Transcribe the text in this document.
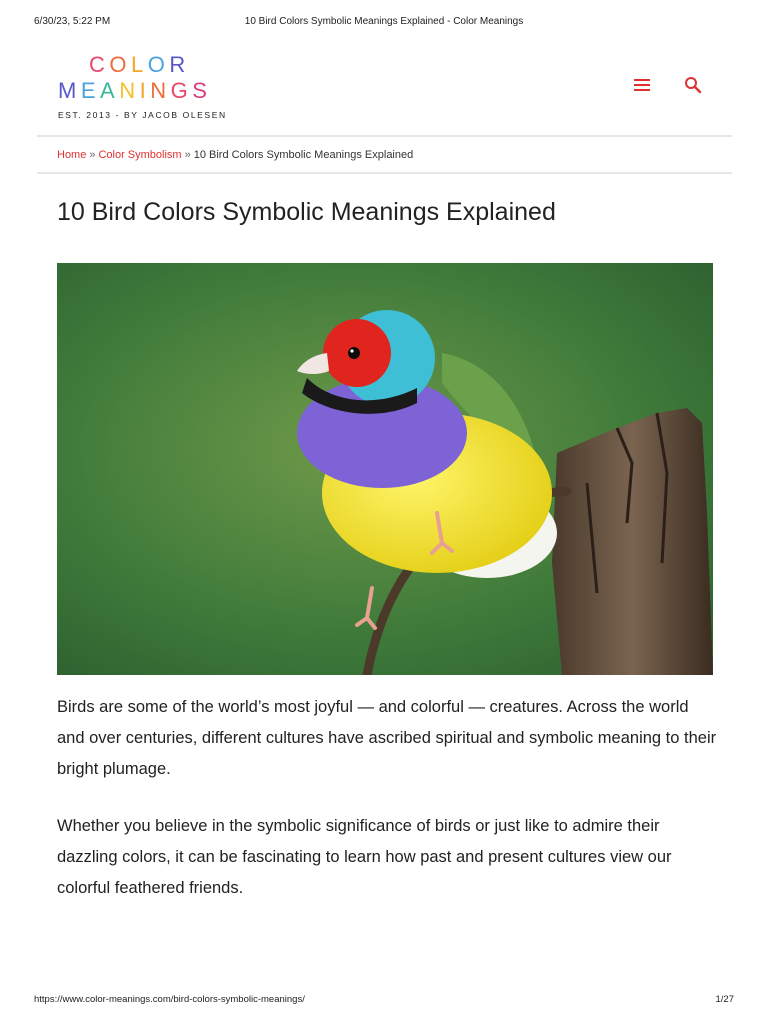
6/30/23, 5:22 PM	10 Bird Colors Symbolic Meanings Explained - Color Meanings
COLOR
MEANINGS
EST. 2013 - BY JACOB OLESEN
Home » Color Symbolism » 10 Bird Colors Symbolic Meanings Explained
10 Bird Colors Symbolic Meanings Explained

Birds are some of the world’s most joyful — and colorful — creatures. Across the world and over centuries, different cultures have ascribed spiritual and symbolic meaning to their bright plumage.

Whether you believe in the symbolic significance of birds or just like to admire their dazzling colors, it can be fascinating to learn how past and present cultures view our colorful feathered friends.

https://www.color-meanings.com/bird-colors-symbolic-meanings/	1/27
